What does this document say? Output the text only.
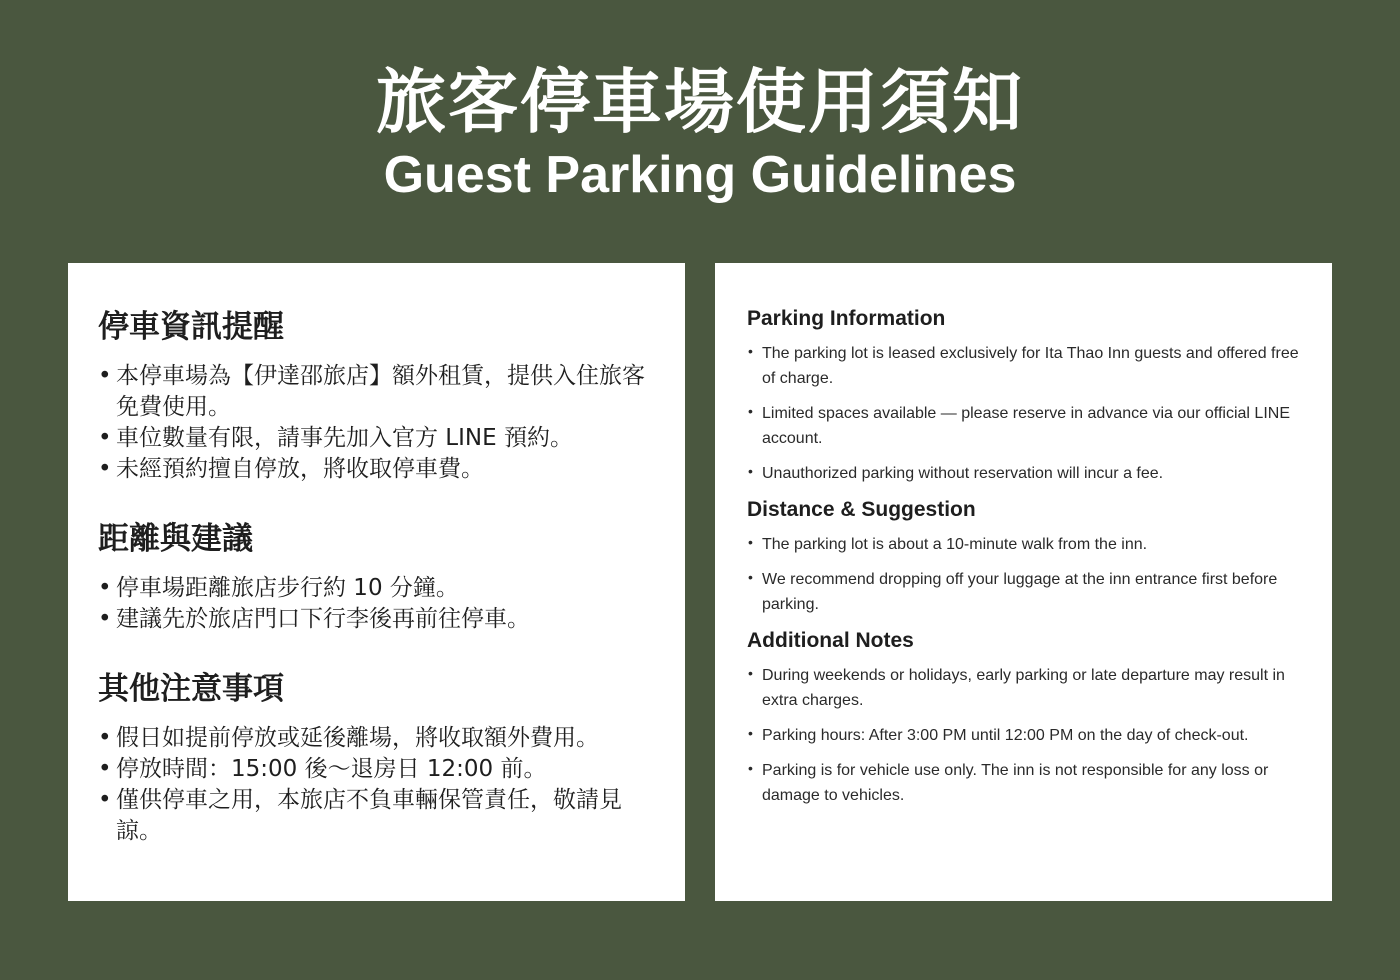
旅客停車場使用須知
Guest Parking Guidelines
停車資訊提醒
• 本停車場為【伊達邵旅店】額外租賃，提供入住旅客免費使用。
• 車位數量有限，請事先加入官方 LINE 預約。
• 未經預約擅自停放，將收取停車費。
距離與建議
• 停車場距離旅店步行約 10 分鐘。
• 建議先於旅店門口下行李後再前往停車。
其他注意事項
• 假日如提前停放或延後離場，將收取額外費用。
• 停放時間：15:00 後～退房日 12:00 前。
• 僅供停車之用，本旅店不負車輛保管責任，敬請見諒。
Parking Information
• The parking lot is leased exclusively for Ita Thao Inn guests and offered free of charge.
• Limited spaces available — please reserve in advance via our official LINE account.
• Unauthorized parking without reservation will incur a fee.
Distance & Suggestion
• The parking lot is about a 10-minute walk from the inn.
• We recommend dropping off your luggage at the inn entrance first before parking.
Additional Notes
• During weekends or holidays, early parking or late departure may result in extra charges.
• Parking hours: After 3:00 PM until 12:00 PM on the day of check-out.
• Parking is for vehicle use only. The inn is not responsible for any loss or damage to vehicles.
